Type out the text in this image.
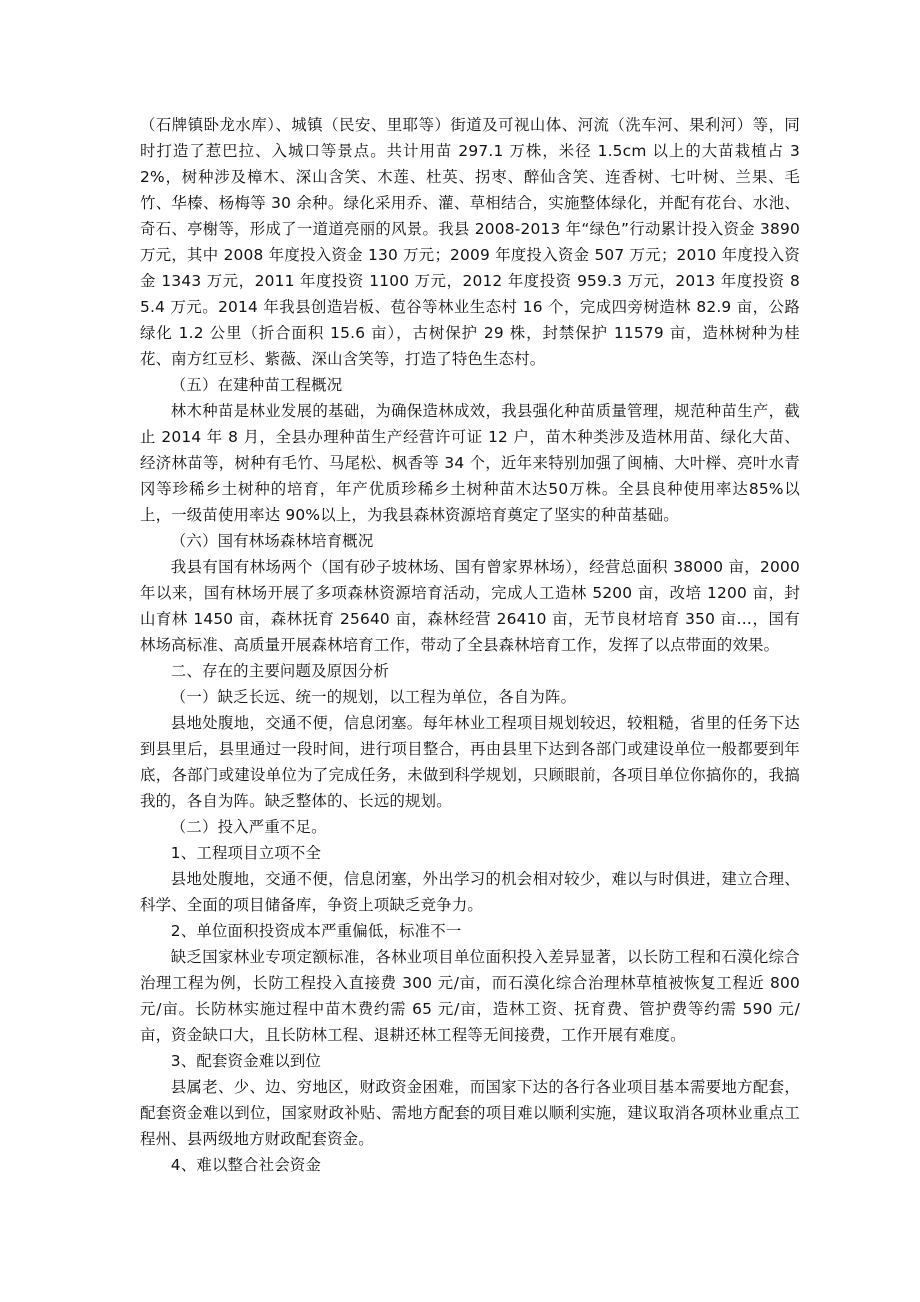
（石牌镇卧龙水库）、城镇（民安、里耶等）街道及可视山体、河流（洗车河、果利河）等，同时打造了惹巴拉、入城口等景点。共计用苗 297.1 万株，米径 1.5cm 以上的大苗栽植占 32%，树种涉及樟木、深山含笑、木莲、杜英、拐枣、醉仙含笑、连香树、七叶树、兰果、毛竹、华榛、杨梅等 30 余种。绿化采用乔、灌、草相结合，实施整体绿化，并配有花台、水池、奇石、亭榭等，形成了一道道亮丽的风景。我县 2008-2013 年“绿色”行动累计投入资金 3890 万元，其中 2008 年度投入资金 130 万元；2009 年度投入资金 507 万元；2010 年度投入资金 1343 万元，2011 年度投资 1100 万元，2012 年度投资 959.3 万元，2013 年度投资 85.4 万元。2014 年我县创造岩板、苞谷等林业生态村 16 个，完成四旁树造林 82.9 亩，公路绿化 1.2 公里（折合面积 15.6 亩），古树保护 29 株，封禁保护 11579 亩，造林树种为桂花、南方红豆杉、紫薇、深山含笑等，打造了特色生态村。

（五）在建种苗工程概况

林木种苗是林业发展的基础，为确保造林成效，我县强化种苗质量管理，规范种苗生产，截止 2014 年 8 月，全县办理种苗生产经营许可证 12 户，苗木种类涉及造林用苗、绿化大苗、经济林苗等，树种有毛竹、马尾松、枫香等 34 个，近年来特别加强了闽楠、大叶榉、亮叶水青冈等珍稀乡土树种的培育，年产优质珍稀乡土树种苗木达50万株。全县良种使用率达85%以上，一级苗使用率达 90%以上，为我县森林资源培育奠定了坚实的种苗基础。

（六）国有林场森林培育概况

我县有国有林场两个（国有砂子坡林场、国有曾家界林场），经营总面积 38000 亩，2000 年以来，国有林场开展了多项森林资源培育活动，完成人工造林 5200 亩，改培 1200 亩，封山育林 1450 亩，森林抚育 25640 亩，森林经营 26410 亩，无节良材培育 350 亩…，国有林场高标准、高质量开展森林培育工作，带动了全县森林培育工作，发挥了以点带面的效果。

二、存在的主要问题及原因分析

（一）缺乏长远、统一的规划，以工程为单位，各自为阵。

县地处腹地，交通不便，信息闭塞。每年林业工程项目规划较迟，较粗糙，省里的任务下达到县里后，县里通过一段时间，进行项目整合，再由县里下达到各部门或建设单位一般都要到年底，各部门或建设单位为了完成任务，未做到科学规划，只顾眼前，各项目单位你搞你的，我搞我的，各自为阵。缺乏整体的、长远的规划。

（二）投入严重不足。

1、工程项目立项不全

县地处腹地，交通不便，信息闭塞，外出学习的机会相对较少，难以与时俱进，建立合理、科学、全面的项目储备库，争资上项缺乏竞争力。

2、单位面积投资成本严重偏低，标准不一

缺乏国家林业专项定额标准，各林业项目单位面积投入差异显著，以长防工程和石漠化综合治理工程为例，长防工程投入直接费 300 元/亩，而石漠化综合治理林草植被恢复工程近 800 元/亩。长防林实施过程中苗木费约需 65 元/亩，造林工资、抚育费、管护费等约需 590 元/亩，资金缺口大，且长防林工程、退耕还林工程等无间接费，工作开展有难度。

3、配套资金难以到位

县属老、少、边、穷地区，财政资金困难，而国家下达的各行各业项目基本需要地方配套，配套资金难以到位，国家财政补贴、需地方配套的项目难以顺利实施，建议取消各项林业重点工程州、县两级地方财政配套资金。

4、难以整合社会资金
